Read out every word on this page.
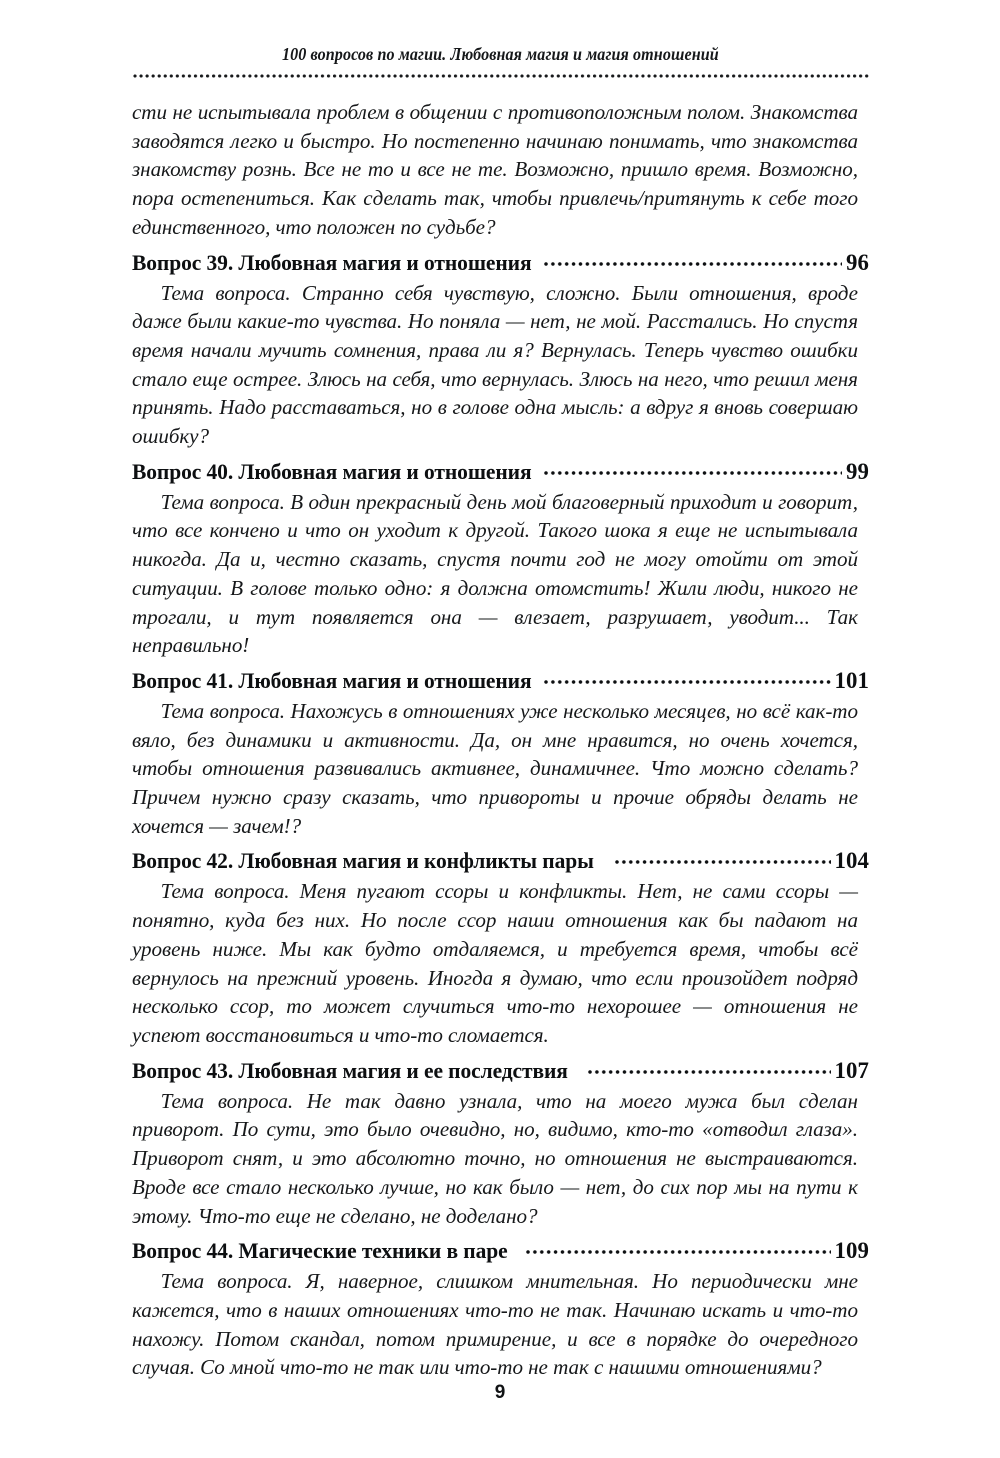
100 вопросов по магии. Любовная магия и магия отношений

сти не испытывала проблем в общении с противоположным полом. Знакомства заводятся легко и быстро. Но постепенно начинаю понимать, что знакомства знакомству рознь. Все не то и все не те. Возможно, пришло время. Возможно, пора остепениться. Как сделать так, чтобы привлечь/притянуть к себе того единственного, что положен по судьбе?

Вопрос 39. Любовная магия и отношения	96

Тема вопроса. Странно себя чувствую, сложно. Были отношения, вроде даже были какие-то чувства. Но поняла — нет, не мой. Расстались. Но спустя время начали мучить сомнения, права ли я? Вернулась. Теперь чувство ошибки стало еще острее. Злюсь на себя, что вернулась. Злюсь на него, что решил меня принять. Надо расставаться, но в голове одна мысль: а вдруг я вновь совершаю ошибку?

Вопрос 40. Любовная магия и отношения	99

Тема вопроса. В один прекрасный день мой благоверный приходит и говорит, что все кончено и что он уходит к другой. Такого шока я еще не испытывала никогда. Да и, честно сказать, спустя почти год не могу отойти от этой ситуации. В голове только одно: я должна отомстить! Жили люди, никого не трогали, и тут появляется она — влезает, разрушает, уводит... Так неправильно!

Вопрос 41. Любовная магия и отношения	101

Тема вопроса. Нахожусь в отношениях уже несколько месяцев, но всё как-то вяло, без динамики и активности. Да, он мне нравится, но очень хочется, чтобы отношения развивались активнее, динамичнее. Что можно сделать? Причем нужно сразу сказать, что привороты и прочие обряды делать не хочется — зачем!?

Вопрос 42. Любовная магия и конфликты пары	104

Тема вопроса. Меня пугают ссоры и конфликты. Нет, не сами ссоры — понятно, куда без них. Но после ссор наши отношения как бы падают на уровень ниже. Мы как будто отдаляемся, и требуется время, чтобы всё вернулось на прежний уровень. Иногда я думаю, что если произойдет подряд несколько ссор, то может случиться что-то нехорошее — отношения не успеют восстановиться и что-то сломается.

Вопрос 43. Любовная магия и ее последствия	107

Тема вопроса. Не так давно узнала, что на моего мужа был сделан приворот. По сути, это было очевидно, но, видимо, кто-то «отводил глаза». Приворот снят, и это абсолютно точно, но отношения не выстраиваются. Вроде все стало несколько лучше, но как было — нет, до сих пор мы на пути к этому. Что-то еще не сделано, не доделано?

Вопрос 44. Магические техники в паре	109

Тема вопроса. Я, наверное, слишком мнительная. Но периодически мне кажется, что в наших отношениях что-то не так. Начинаю искать и что-то нахожу. Потом скандал, потом примирение, и все в порядке до очередного случая. Со мной что-то не так или что-то не так с нашими отношениями?

9
